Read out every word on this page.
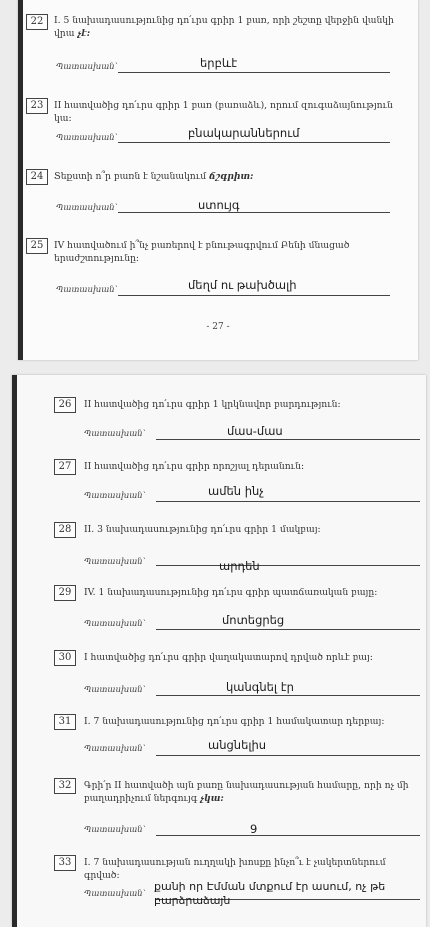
22	I. 5 նախադասությունից դո՛ւրս գրիր 1 բառ, որի շեշտը վերջին վանկի վրա չէ:
Պատասխան՝	երբևէ
23	II հատվածից դո՛ւրս գրիր 1 բառ (բառաձև), որում զուգաձայնություն կա:
Պատասխան՝	բնակարաններում
24	Տեքստի ո՞ր բառն է նշանակում ճշգրիտ:
Պատասխան՝	ստույգ
25	IV հատվածում ի՞նչ բառերով է բնութագրվում Բենի մնացած երաժշտությունը:
Պատասխան՝	մեղմ ու թախծալի
- 27 -
26	II հատվածից դո՛ւրս գրիր 1 կրկնավոր բարդություն:
Պատասխան՝	մաս-մաս
27	II հատվածից դո՛ւրս գրիր որոշյալ դերանուն:
Պատասխան՝	ամեն ինչ
28	II. 3 նախադասությունից դո՛ւրս գրիր 1 մակբայ:
Պատասխան՝	արդեն
29	IV. 1 նախադասությունից դո՛ւրս գրիր պատճառական բայը:
Պատասխան՝	մոտեցրեց
30	I հատվածից դո՛ւրս գրիր վաղակատարով դրված որևէ բայ:
Պատասխան՝	կանգնել էր
31	I. 7 նախադասությունից դո՛ւրս գրիր 1 համակատար դերբայ:
Պատասխան՝	անցնելիս
32	Գրի՛ր II հատվածի այն բառը նախադասության համարը, որի ոչ մի բաղադրիչում ներգույգ չկա:
Պատասխան՝	9
33	I. 7 նախադասության ուղղակի խոսքը ինչո՞ւ է չակերտներում գրված:
Պատասխան՝
քանի որ Էմման մտքում էր ասում, ոչ թե
բարձրաձայն
